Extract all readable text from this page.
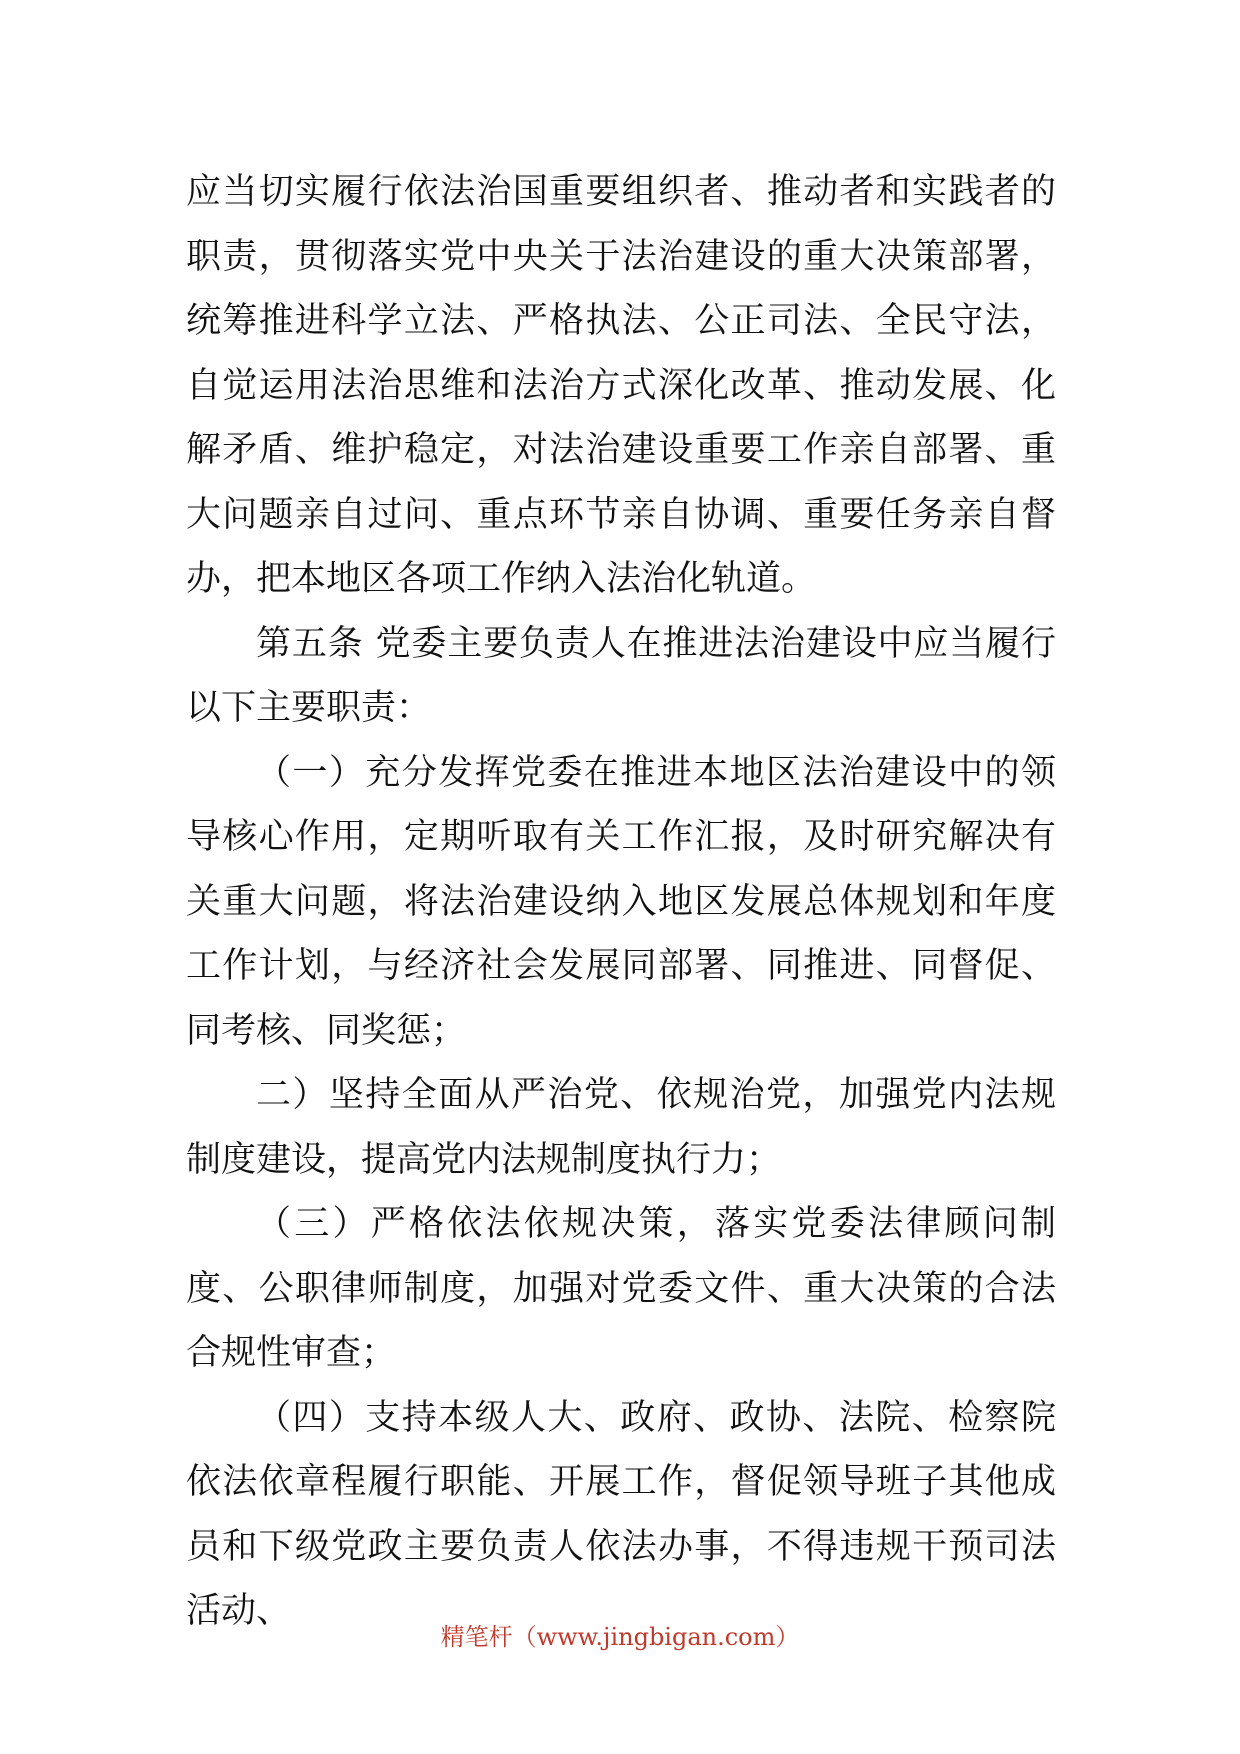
应当切实履行依法治国重要组织者、推动者和实践者的职责，贯彻落实党中央关于法治建设的重大决策部署，统筹推进科学立法、严格执法、公正司法、全民守法，自觉运用法治思维和法治方式深化改革、推动发展、化解矛盾、维护稳定，对法治建设重要工作亲自部署、重大问题亲自过问、重点环节亲自协调、重要任务亲自督办，把本地区各项工作纳入法治化轨道。

第五条 党委主要负责人在推进法治建设中应当履行以下主要职责：

（一）充分发挥党委在推进本地区法治建设中的领导核心作用，定期听取有关工作汇报，及时研究解决有关重大问题，将法治建设纳入地区发展总体规划和年度工作计划，与经济社会发展同部署、同推进、同督促、同考核、同奖惩；

二）坚持全面从严治党、依规治党，加强党内法规制度建设，提高党内法规制度执行力；

（三）严格依法依规决策，落实党委法律顾问制度、公职律师制度，加强对党委文件、重大决策的合法合规性审查；

（四）支持本级人大、政府、政协、法院、检察院依法依章程履行职能、开展工作，督促领导班子其他成员和下级党政主要负责人依法办事，不得违规干预司法活动、

精笔杆（www.jingbigan.com）
